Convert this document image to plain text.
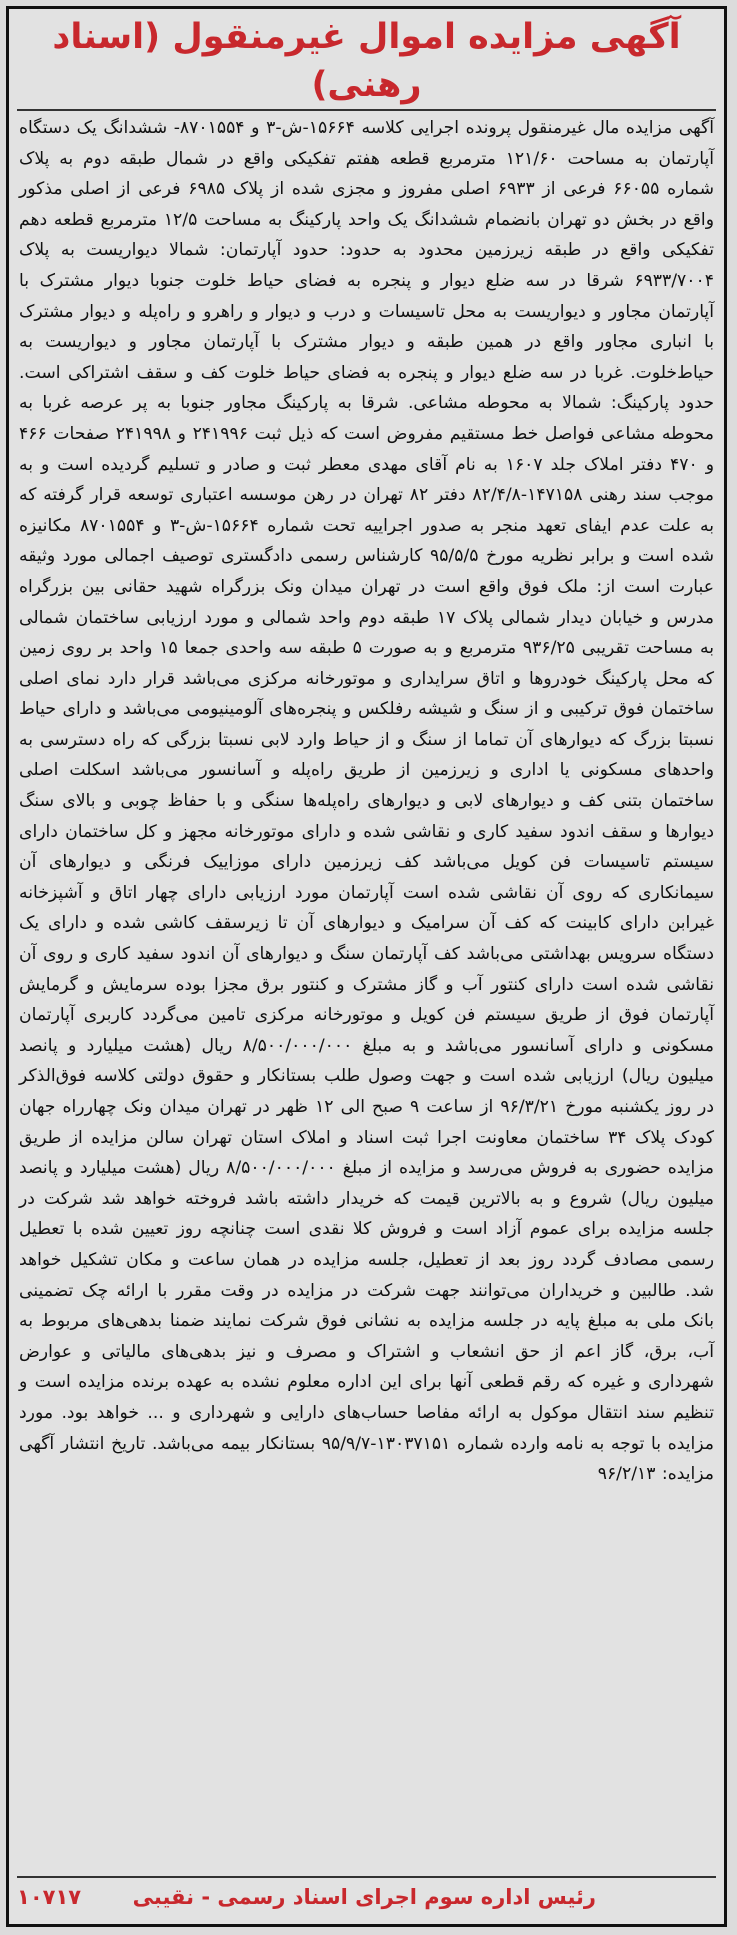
آگهی مزایده اموال غیرمنقول (اسناد رهنی)
آگهی مزایده مال غیرمنقول پرونده اجرایی کلاسه ۱۵۶۶۴-ش-۳ و ۸۷۰۱۵۵۴- ششدانگ یک دستگاه آپارتمان به مساحت ۱۲۱/۶۰ مترمربع قطعه هفتم تفکیکی واقع در شمال طبقه دوم به پلاک شماره ۶۶۰۵۵ فرعی از ۶۹۳۳ اصلی مفروز و مجزی شده از پلاک ۶۹۸۵ فرعی از اصلی مذکور واقع در بخش دو تهران بانضمام ششدانگ یک واحد پارکینگ به مساحت ۱۲/۵ مترمربع قطعه دهم تفکیکی واقع در طبقه زیرزمین محدود به حدود: حدود آپارتمان: شمالا دیواریست به پلاک ۶۹۳۳/۷۰۰۴ شرقا در سه ضلع دیوار و پنجره به فضای حیاط خلوت جنوبا دیوار مشترک با آپارتمان مجاور و دیواریست به محل تاسیسات و درب و دیوار و راهرو و راه‌پله و دیوار مشترک با انباری مجاور واقع در همین طبقه و دیوار مشترک با آپارتمان مجاور و دیواریست به حیاط‌خلوت. غربا در سه ضلع دیوار و پنجره به فضای حیاط خلوت کف و سقف اشتراکی است. حدود پارکینگ: شمالا به محوطه مشاعی. شرقا به پارکینگ مجاور جنوبا به پر عرصه غربا به محوطه مشاعی فواصل خط مستقیم مفروض است که ذیل ثبت ۲۴۱۹۹۶ و ۲۴۱۹۹۸ صفحات ۴۶۶ و ۴۷۰ دفتر املاک جلد ۱۶۰۷ به نام آقای مهدی معطر ثبت و صادر و تسلیم گردیده است و به موجب سند رهنی ۱۴۷۱۵۸-۸۲/۴/۸ دفتر ۸۲ تهران در رهن موسسه اعتباری توسعه قرار گرفته که به علت عدم ایفای تعهد منجر به صدور اجراییه تحت شماره ۱۵۶۶۴-ش-۳ و ۸۷۰۱۵۵۴ مکانیزه شده است و برابر نظریه مورخ ۹۵/۵/۵ کارشناس رسمی دادگستری توصیف اجمالی مورد وثیقه عبارت است از: ملک فوق واقع است در تهران میدان ونک بزرگراه شهید حقانی بین بزرگراه مدرس و خیابان دیدار شمالی پلاک ۱۷ طبقه دوم واحد شمالی و مورد ارزیابی ساختمان شمالی به مساحت تقریبی ۹۳۶/۲۵ مترمربع و به صورت ۵ طبقه سه واحدی جمعا ۱۵ واحد بر روی زمین که محل پارکینگ خودروها و اتاق سرایداری و موتورخانه مرکزی می‌باشد قرار دارد نمای اصلی ساختمان فوق ترکیبی و از سنگ و شیشه رفلکس و پنجره‌های آلومینیومی می‌باشد و دارای حیاط نسبتا بزرگ که دیوارهای آن تماما از سنگ و از حیاط وارد لابی نسبتا بزرگی که راه دسترسی به واحدهای مسکونی یا اداری و زیرزمین از طریق راه‌پله و آسانسور می‌باشد اسکلت اصلی ساختمان بتنی کف و دیوارهای لابی و دیوارهای راه‌پله‌ها سنگی و با حفاظ چوبی و بالای سنگ دیوارها و سقف اندود سفید کاری و نقاشی شده و دارای موتورخانه مجهز و کل ساختمان دارای سیستم تاسیسات فن کویل می‌باشد کف زیرزمین دارای موزاییک فرنگی و دیوارهای آن سیمانکاری که روی آن نقاشی شده است آپارتمان مورد ارزیابی دارای چهار اتاق و آشپزخانه غیرابن دارای کابینت که کف آن سرامیک و دیوارهای آن تا زیرسقف کاشی شده و دارای یک دستگاه سرویس بهداشتی می‌باشد کف آپارتمان سنگ و دیوارهای آن اندود سفید کاری و روی آن نقاشی شده است دارای کنتور آب و گاز مشترک و کنتور برق مجزا بوده سرمایش و گرمایش آپارتمان فوق از طریق سیستم فن کویل و موتورخانه مرکزی تامین می‌گردد کاربری آپارتمان مسکونی و دارای آسانسور می‌باشد و به مبلغ ۸/۵۰۰/۰۰۰/۰۰۰ ریال (هشت میلیارد و پانصد میلیون ریال) ارزیابی شده است و جهت وصول طلب بستانکار و حقوق دولتی کلاسه فوق‌الذکر در روز یکشنبه مورخ ۹۶/۳/۲۱ از ساعت ۹ صبح الی ۱۲ ظهر در تهران میدان ونک چهارراه جهان کودک پلاک ۳۴ ساختمان معاونت اجرا ثبت اسناد و املاک استان تهران سالن مزایده از طریق مزایده حضوری به فروش می‌رسد و مزایده از مبلغ ۸/۵۰۰/۰۰۰/۰۰۰ ریال (هشت میلیارد و پانصد میلیون ریال) شروع و به بالاترین قیمت که خریدار داشته باشد فروخته خواهد شد شرکت در جلسه مزایده برای عموم آزاد است و فروش کلا نقدی است چنانچه روز تعیین شده با تعطیل رسمی مصادف گردد روز بعد از تعطیل، جلسه مزایده در همان ساعت و مکان تشکیل خواهد شد. طالبین و خریداران می‌توانند جهت شرکت در مزایده در وقت مقرر با ارائه چک تضمینی بانک ملی به مبلغ پایه در جلسه مزایده به نشانی فوق شرکت نمایند ضمنا بدهی‌های مربوط به آب، برق، گاز اعم از حق انشعاب و اشتراک و مصرف و نیز بدهی‌های مالیاتی و عوارض شهرداری و غیره که رقم قطعی آنها برای این اداره معلوم نشده به عهده برنده مزایده است و تنظیم سند انتقال موکول به ارائه مفاصا حساب‌های دارایی و شهرداری و ... خواهد بود. مورد مزایده با توجه به نامه وارده شماره ۱۳۰۳۷۱۵۱-۹۵/۹/۷ بستانکار بیمه می‌باشد. تاریخ انتشار آگهی مزایده: ۹۶/۲/۱۳
رئیس اداره سوم اجرای اسناد رسمی - نقیبی
۱۰۷۱۷
